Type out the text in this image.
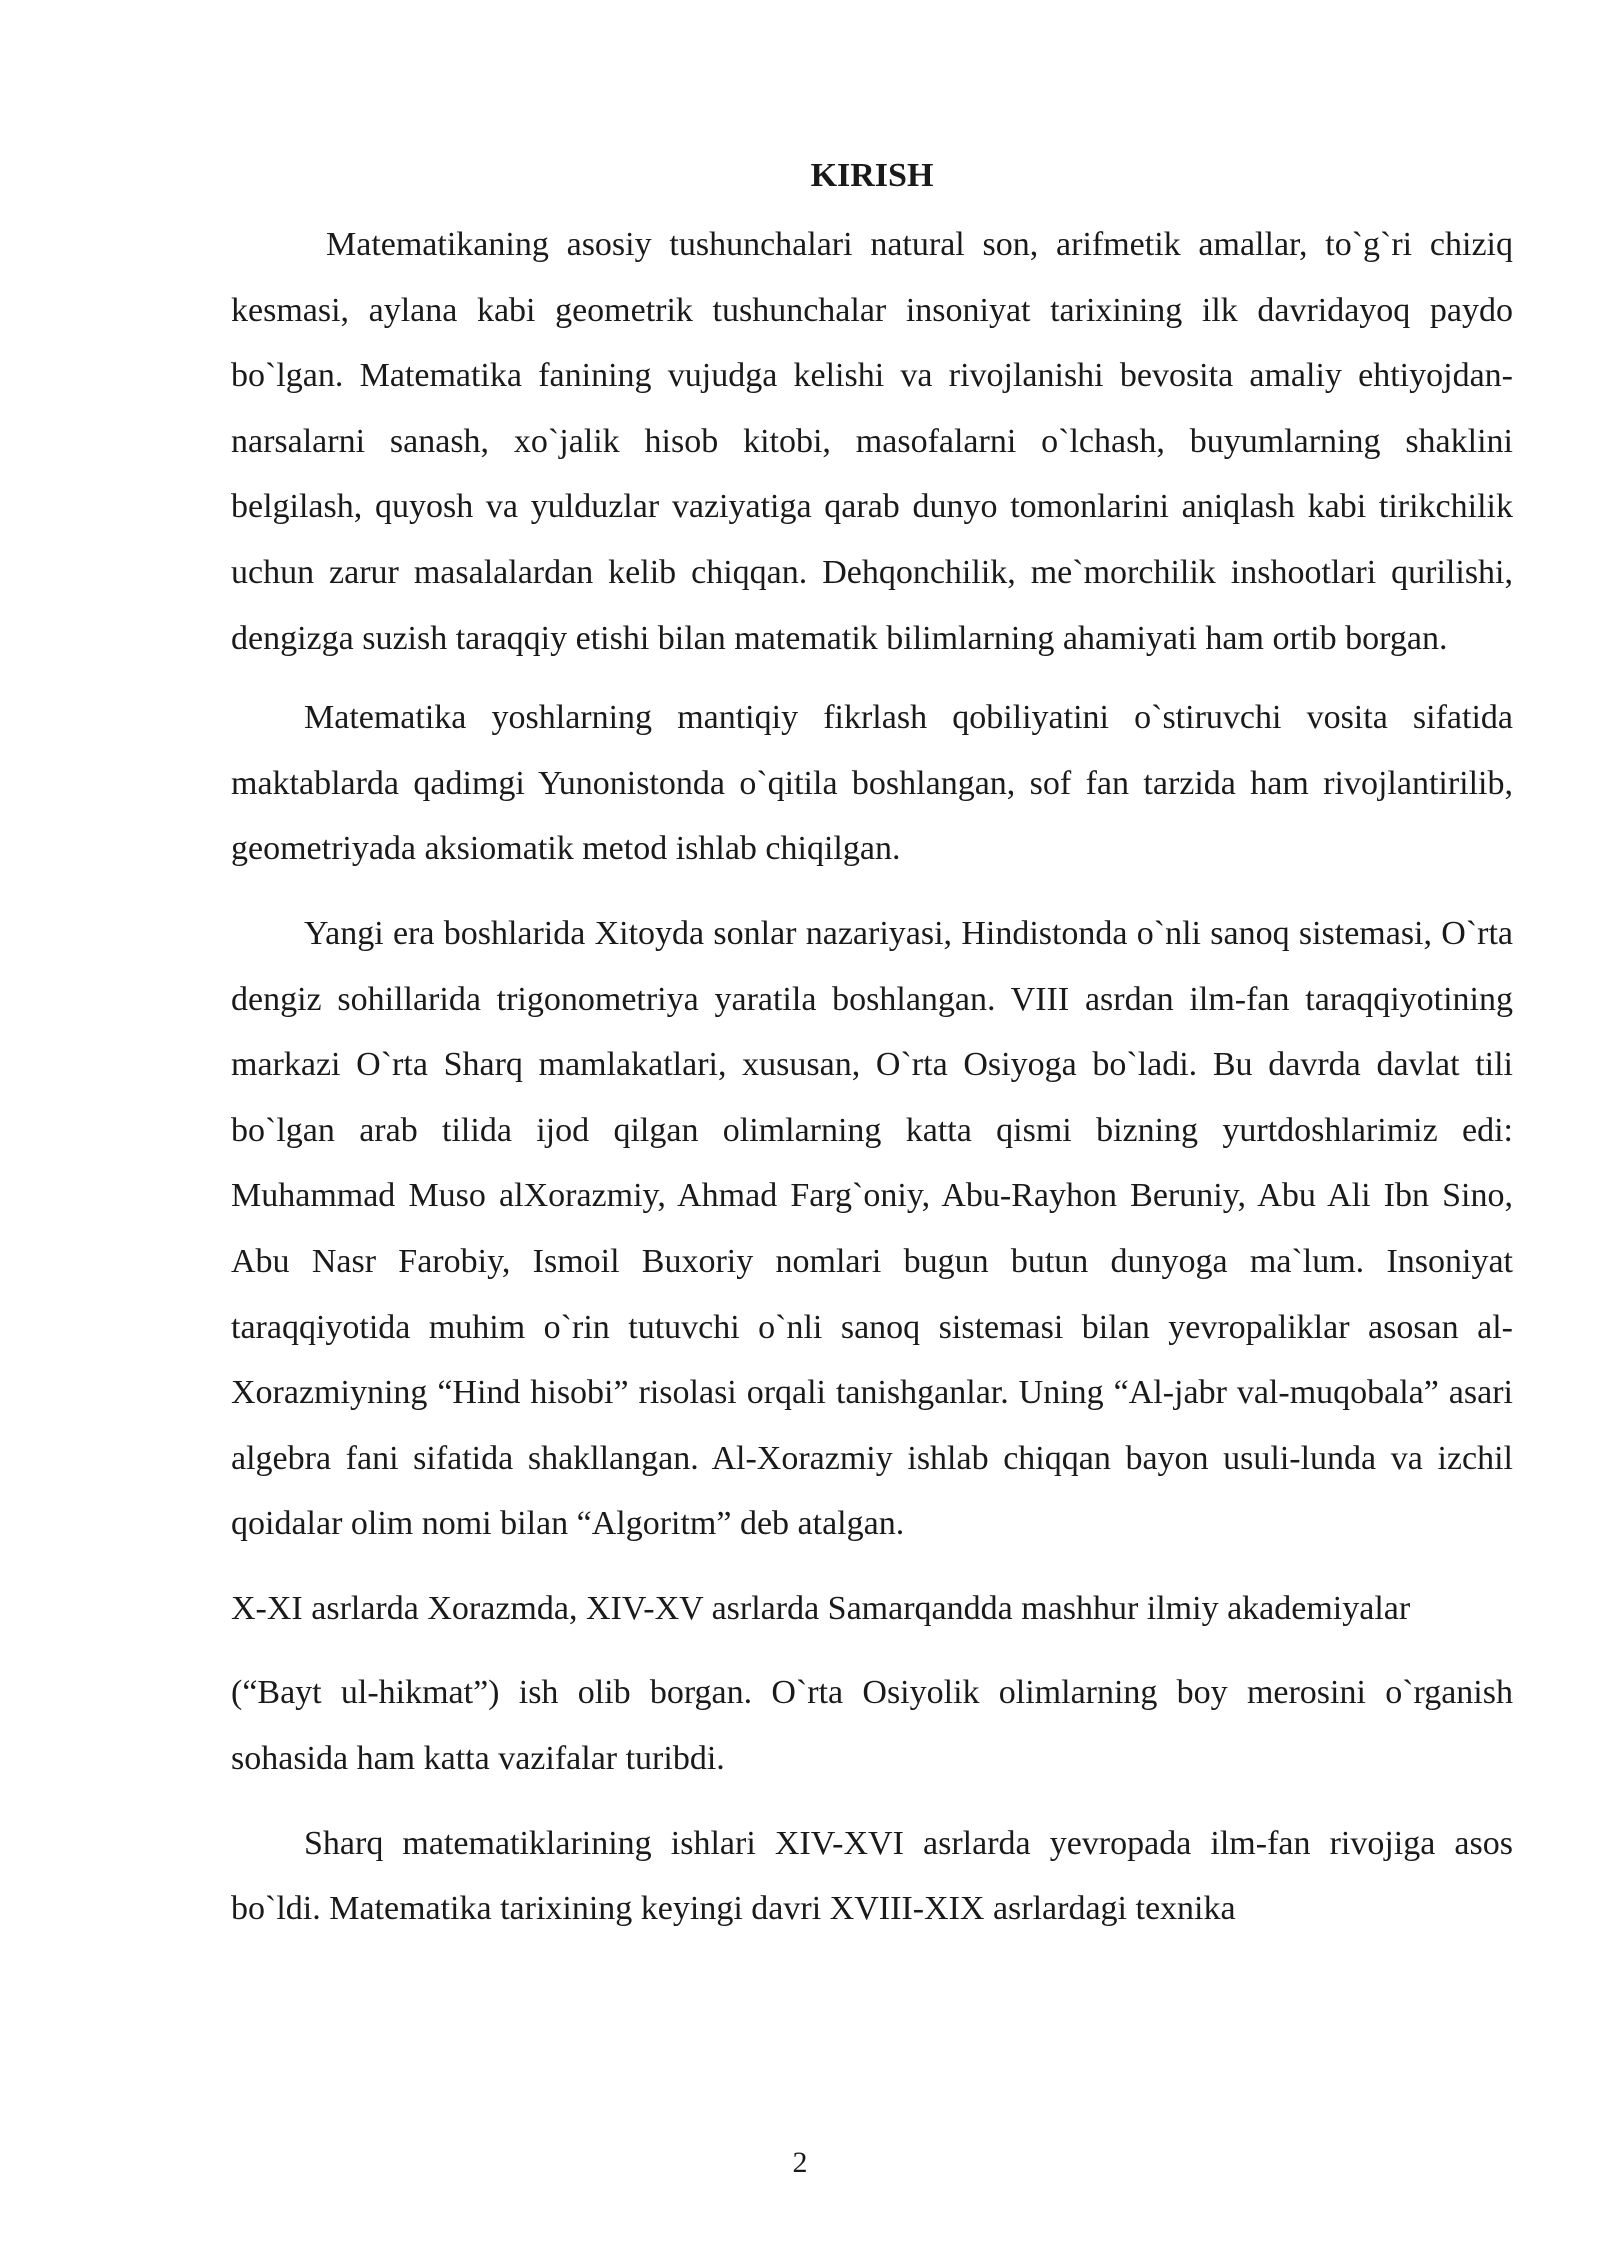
KIRISH

Matematikaning asosiy tushunchalari natural son, arifmetik amallar, to`g`ri chiziq kesmasi, aylana kabi geometrik tushunchalar insoniyat tarixining ilk davridayoq paydo bo`lgan. Matematika fanining vujudga kelishi va rivojlanishi bevosita amaliy ehtiyojdan-narsalarni sanash, xo`jalik hisob kitobi, masofalarni o`lchash, buyumlarning shaklini belgilash, quyosh va yulduzlar vaziyatiga qarab dunyo tomonlarini aniqlash kabi tirikchilik uchun zarur masalalardan kelib chiqqan. Dehqonchilik, me`morchilik inshootlari qurilishi, dengizga suzish taraqqiy etishi bilan matematik bilimlarning ahamiyati ham ortib borgan.

Matematika yoshlarning mantiqiy fikrlash qobiliyatini o`stiruvchi vosita sifatida maktablarda qadimgi Yunonistonda o`qitila boshlangan, sof fan tarzida ham rivojlantirilib, geometriyada aksiomatik metod ishlab chiqilgan.

Yangi era boshlarida Xitoyda sonlar nazariyasi, Hindistonda o`nli sanoq sistemasi, O`rta dengiz sohillarida trigonometriya yaratila boshlangan. VIII asrdan ilm-fan taraqqiyotining markazi O`rta Sharq mamlakatlari, xususan, O`rta Osiyoga bo`ladi. Bu davrda davlat tili bo`lgan arab tilida ijod qilgan olimlarning katta qismi bizning yurtdoshlarimiz edi: Muhammad Muso alXorazmiy, Ahmad Farg`oniy, Abu-Rayhon Beruniy, Abu Ali Ibn Sino, Abu Nasr Farobiy, Ismoil Buxoriy nomlari bugun butun dunyoga ma`lum. Insoniyat taraqqiyotida muhim o`rin tutuvchi o`nli sanoq sistemasi bilan yevropaliklar asosan al-Xorazmiyning “Hind hisobi” risolasi orqali tanishganlar. Uning “Al-jabr val-muqobala” asari algebra fani sifatida shakllangan. Al-Xorazmiy ishlab chiqqan bayon usuli-lunda va izchil qoidalar olim nomi bilan “Algoritm” deb atalgan.

X-XI asrlarda Xorazmda, XIV-XV asrlarda Samarqandda mashhur ilmiy akademiyalar

(“Bayt ul-hikmat”) ish olib borgan. O`rta Osiyolik olimlarning boy merosini o`rganish sohasida ham katta vazifalar turibdi.

Sharq matematiklarining ishlari XIV-XVI asrlarda yevropada ilm-fan rivojiga asos bo`ldi. Matematika tarixining keyingi davri XVIII-XIX asrlardagi texnika

2
